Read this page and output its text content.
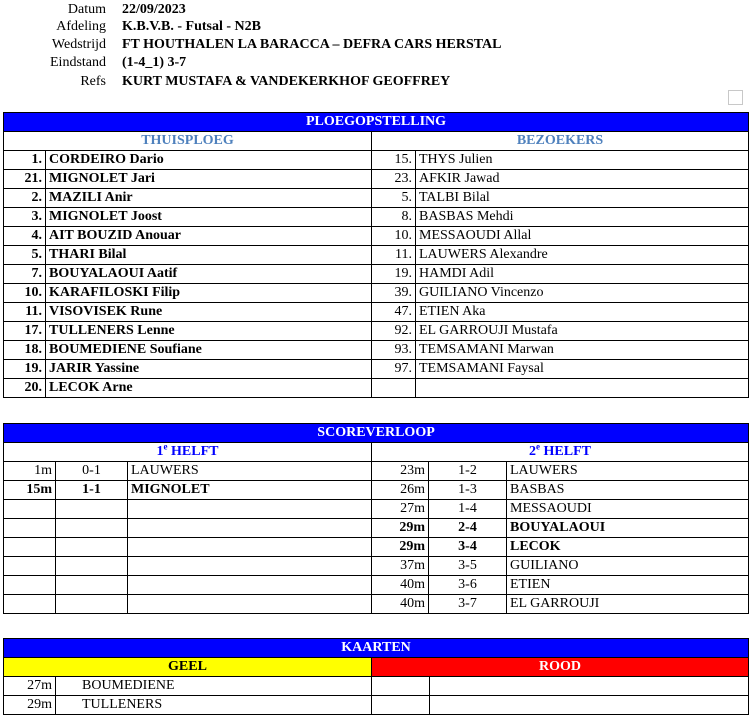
Datum 22/09/2023
Afdeling K.B.V.B. - Futsal - N2B
Wedstrijd FT HOUTHALEN LA BARACCA – DEFRA CARS HERSTAL
Eindstand (1-4_1) 3-7
Refs KURT MUSTAFA & VANDEKERKHOF GEOFFREY
PLOEGOPSTELLING			
THUISPLOEG		BEZOEKERS	
1.	CORDEIRO Dario	15.	THYS Julien
21.	MIGNOLET Jari	23.	AFKIR Jawad
2.	MAZILI Anir	5.	TALBI Bilal
3.	MIGNOLET Joost	8.	BASBAS Mehdi
4.	AIT BOUZID Anouar	10.	MESSAOUDI Allal
5.	THARI Bilal	11.	LAUWERS Alexandre
7.	BOUYALAOUI Aatif	19.	HAMDI Adil
10.	KARAFILOSKI Filip	39.	GUILIANO Vincenzo
11.	VISOVISEK Rune	47.	ETIEN Aka
17.	TULLENERS Lenne	92.	EL GARROUJI Mustafa
18.	BOUMEDIENE Soufiane	93.	TEMSAMANI Marwan
19.	JARIR Yassine	97.	TEMSAMANI Faysal
20.	LECOK Arne		
SCOREVERLOOP					
1e HELFT			2e HELFT		
1m	0-1	LAUWERS	23m	1-2	LAUWERS
15m	1-1	MIGNOLET	26m	1-3	BASBAS
			27m	1-4	MESSAOUDI
			29m	2-4	BOUYALAOUI
			29m	3-4	LECOK
			37m	3-5	GUILIANO
			40m	3-6	ETIEN
			40m	3-7	EL GARROUJI
KAARTEN			
GEEL		ROOD	
27m	BOUMEDIENE		
29m	TULLENERS		
